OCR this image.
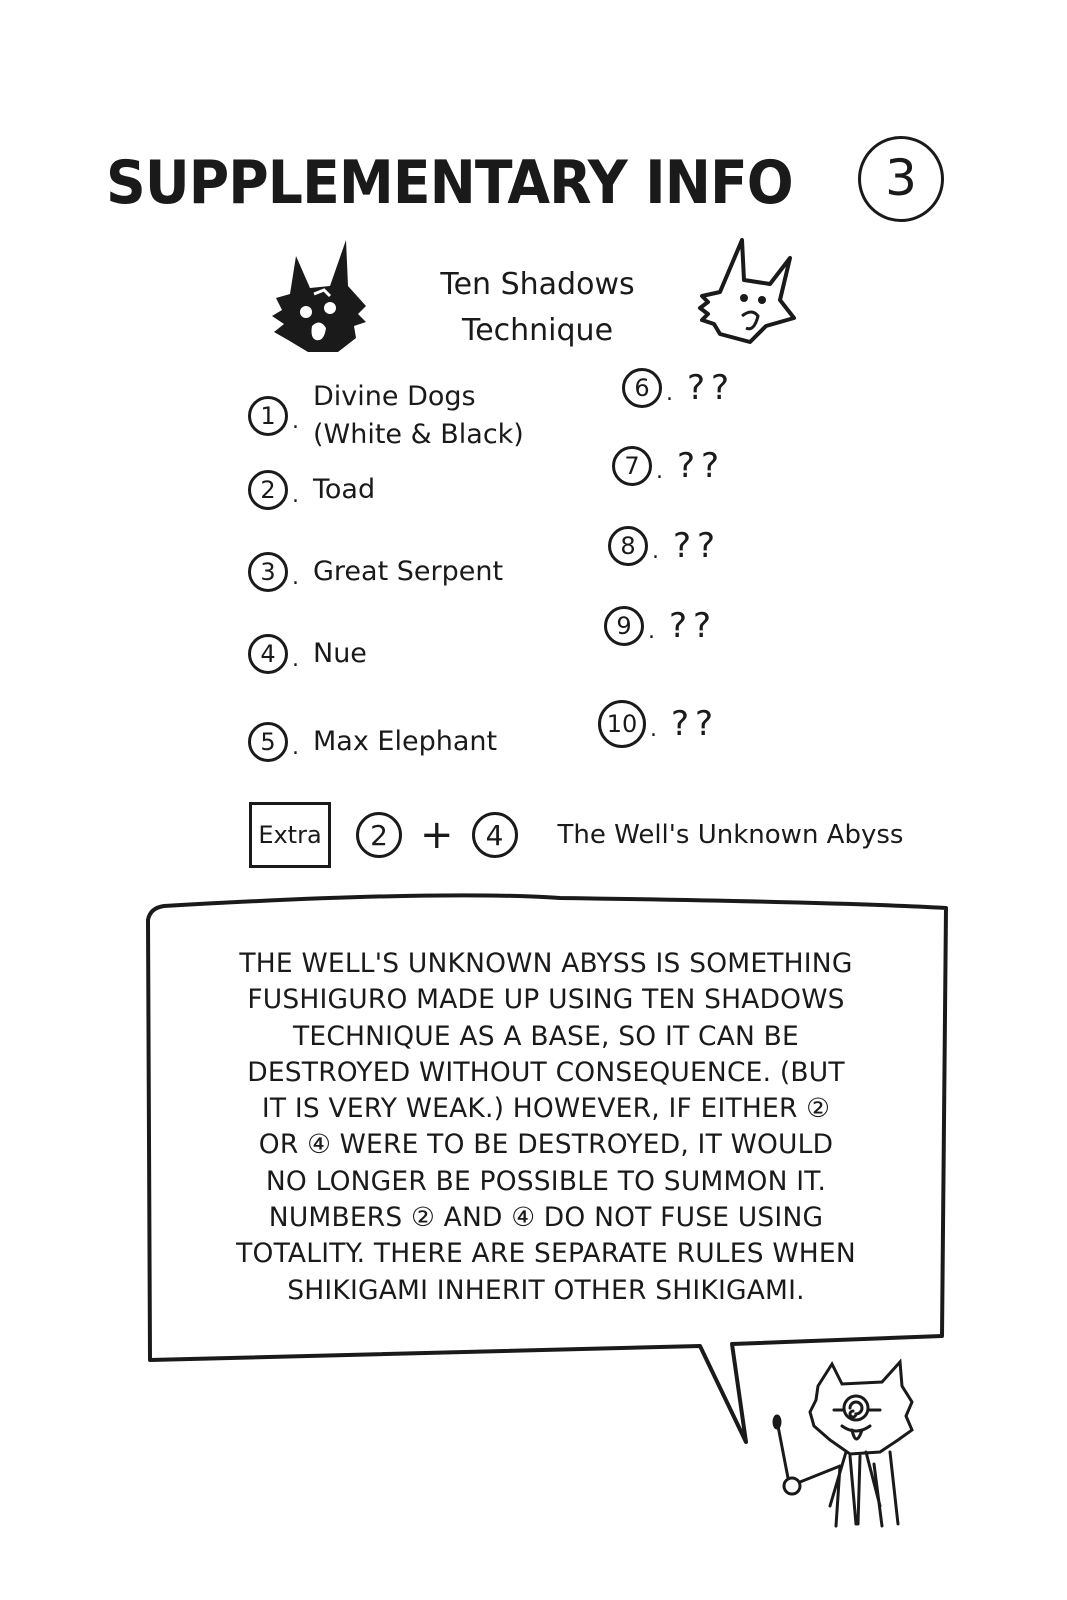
SUPPLEMENTARY INFO	3
Ten Shadows
Technique
1 .
Divine Dogs
(White & Black)
2 . Toad
3 . Great Serpent
4 . Nue
5 . Max Elephant
6 . ??
7 . ??
8 . ??
9 . ??
10 . ??
Extra	2 +	4	The Well's Unknown Abyss
THE WELL'S UNKNOWN ABYSS IS SOMETHING
FUSHIGURO MADE UP USING TEN SHADOWS
TECHNIQUE AS A BASE, SO IT CAN BE
DESTROYED WITHOUT CONSEQUENCE. (BUT
IT IS VERY WEAK.) HOWEVER, IF EITHER ②
OR ④ WERE TO BE DESTROYED, IT WOULD
NO LONGER BE POSSIBLE TO SUMMON IT.
NUMBERS ② AND ④ DO NOT FUSE USING
TOTALITY. THERE ARE SEPARATE RULES WHEN
SHIKIGAMI INHERIT OTHER SHIKIGAMI.
